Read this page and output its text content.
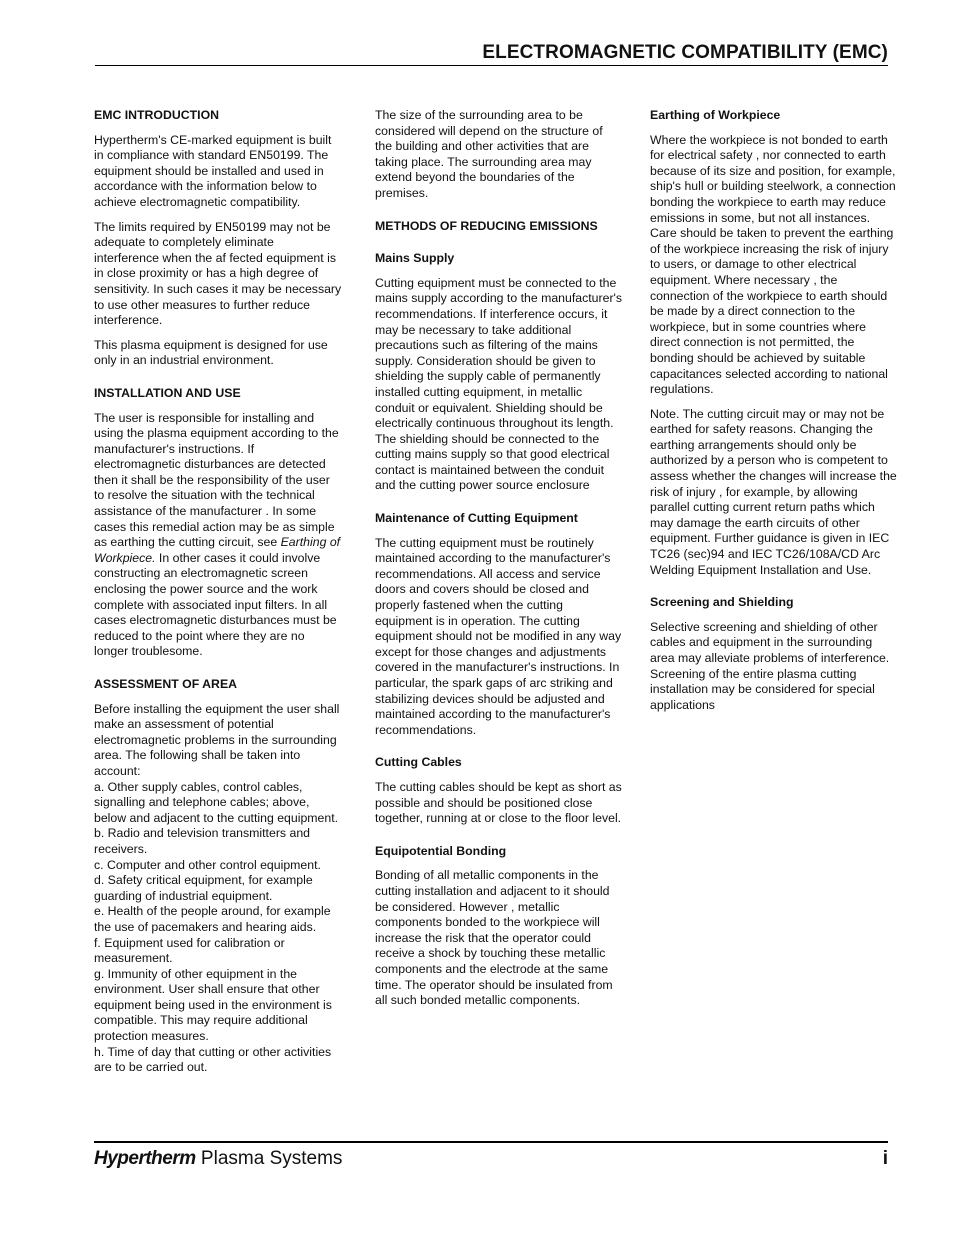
ELECTROMAGNETIC COMPATIBILITY (EMC)
EMC INTRODUCTION
Hypertherm's CE-marked equipment is built in compliance with standard EN50199. The equipment should be installed and used in accordance with the information below to achieve electromagnetic compatibility.
The limits required by EN50199 may not be adequate to completely eliminate interference when the af fected equipment is in close proximity or has a high degree of sensitivity. In such cases it may be necessary to use other measures to further reduce interference.
This plasma equipment is designed for use only in an industrial environment.
INSTALLATION AND USE
The user is responsible for installing and using the plasma equipment according to the manufacturer's instructions. If electromagnetic disturbances are detected then it shall be the responsibility of the user to resolve the situation with the technical assistance of the manufacturer . In some cases this remedial action may be as simple as earthing the cutting circuit, see Earthing of Workpiece. In other cases it could involve constructing an electromagnetic screen enclosing the power source and the work complete with associated input filters. In all cases electromagnetic disturbances must be reduced to the point where they are no longer troublesome.
ASSESSMENT OF AREA
Before installing the equipment the user shall make an assessment of potential electromagnetic problems in the surrounding area. The following shall be taken into account:
a. Other supply cables, control cables, signalling and telephone cables; above, below and adjacent to the cutting equipment.
b. Radio and television transmitters and receivers.
c. Computer and other control equipment.
d. Safety critical equipment, for example guarding of industrial equipment.
e. Health of the people around, for example the use of pacemakers and hearing aids.
f. Equipment used for calibration or measurement.
g. Immunity of other equipment in the environment. User shall ensure that other equipment being used in the environment is compatible. This may require additional protection measures.
h. Time of day that cutting or other activities are to be carried out.
The size of the surrounding area to be considered will depend on the structure of the building and other activities that are taking place. The surrounding area may extend beyond the boundaries of the premises.
METHODS OF REDUCING EMISSIONS
Mains Supply
Cutting equipment must be connected to the mains supply according to the manufacturer's recommendations. If interference occurs, it may be necessary to take additional precautions such as filtering of the mains supply. Consideration should be given to shielding the supply cable of permanently installed cutting equipment, in metallic conduit or equivalent. Shielding should be electrically continuous throughout its length. The shielding should be connected to the cutting mains supply so that good electrical contact is maintained between the conduit and the cutting power source enclosure
Maintenance of Cutting Equipment
The cutting equipment must be routinely maintained according to the manufacturer's recommendations. All access and service doors and covers should be closed and properly fastened when the cutting equipment is in operation. The cutting equipment should not be modified in any way except for those changes and adjustments covered in the manufacturer's instructions. In particular, the spark gaps of arc striking and stabilizing devices should be adjusted and maintained according to the manufacturer's recommendations.
Cutting Cables
The cutting cables should be kept as short as possible and should be positioned close together, running at or close to the floor level.
Equipotential Bonding
Bonding of all metallic components in the cutting installation and adjacent to it should be considered. However , metallic components bonded to the workpiece will increase the risk that the operator could receive a shock by touching these metallic components and the electrode at the same time. The operator should be insulated from all such bonded metallic components.
Earthing of Workpiece
Where the workpiece is not bonded to earth for electrical safety , nor connected to earth because of its size and position, for example, ship's hull or building steelwork, a connection bonding the workpiece to earth may reduce emissions in some, but not all instances. Care should be taken to prevent the earthing of the workpiece increasing the risk of injury to users, or damage to other electrical equipment. Where necessary , the connection of the workpiece to earth should be made by a direct connection to the workpiece, but in some countries where direct connection is not permitted, the bonding should be achieved by suitable capacitances selected according to national regulations.
Note. The cutting circuit may or may not be earthed for safety reasons. Changing the earthing arrangements should only be authorized by a person who is competent to assess whether the changes will increase the risk of injury , for example, by allowing parallel cutting current return paths which may damage the earth circuits of other equipment. Further guidance is given in IEC TC26 (sec)94 and IEC TC26/108A/CD Arc Welding Equipment Installation and Use.
Screening and Shielding
Selective screening and shielding of other cables and equipment in the surrounding area may alleviate problems of interference. Screening of the entire plasma cutting installation may be considered for special applications
Hypertherm Plasma Systems	i
